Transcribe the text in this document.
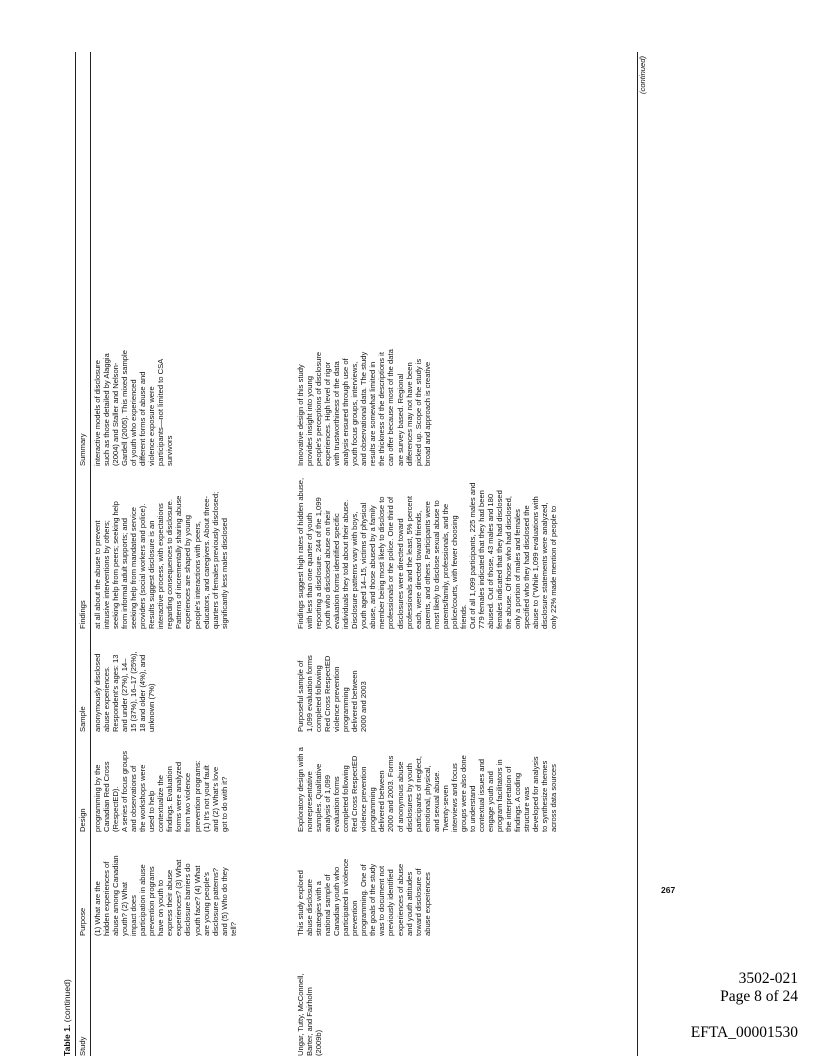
Table 1. (continued)
Study
Purpose
Design
Sample
Findings
Summary
(1) What are the hidden experiences of abuse among Canadian youth? (2) What impact does participation in abuse prevention programs have on youth to express their abuse experiences? (3) What disclosure barriers do youth face? (4) What are young people's disclosure patterns? and (5) Who do they tell?
programming by the Canadian Red Cross (RespectED). A series of focus groups and observations of the workshops were used to help contextualize the findings. Evaluation forms were analyzed from two violence prevention programs: (1) It's not your fault and (2) What's love got to do with it?
anonymously disclosed abuse experiences. Respondent's ages: 13 and under (27%), 14– 15 (37%), 16–17 (25%), 18 and older (4%), and unknown (7%)
at all about the abuse to prevent intrusive interventions by others; seeking help from peers; seeking help from informal adult supports; and seeking help from mandated service providers (social workers and police). Results suggest disclosure is an interactive process, with expectations regarding consequences to disclosure. Patterns of incrementally sharing abuse experiences are shaped by young people's interactions with peers, educators, and caregivers. About three- quarters of females previously disclosed; significantly less males disclosed
interactive models of disclosure such as those detailed by Alaggia (2004) and Staller and Nelson- Gardell (2005). This mixed sample of youth who experienced different forms of abuse and violence exposure were participants—not limited to CSA survivors
Ungar, Tutty, McConnell, Barter, and Fairholm (2009b)
This study explored abuse disclosure strategies with a national sample of Canadian youth who participated in violence prevention programming. One of the goals of the study was to document not previously identified experiences of abuse and youth attitudes toward disclosure of abuse experiences
Exploratory design with a nonrepresentative samples. Qualitative analysis of 1,099 evaluation forms completed following Red Cross RespectED violence prevention programming delivered between 2000 and 2003. Forms of anonymous abuse disclosures by youth participants of neglect, emotional, physical, and sexual abuse. Twenty-seven interviews and focus groups were also done to understand contextual issues and engage youth and program facilitators in the interpretation of findings. A coding structure was developed for analysis to synthesize themes across data sources
Purposeful sample of 1,099 evaluation forms completed following Red Cross RespectED violence prevention programming delivered between 2000 and 2003
Findings suggest high rates of hidden abuse, with less than one quarter of youth reporting a disclosure. 244 of the 1,099 youth who disclosed abuse on their evaluation forms identified specific individuals they told about their abuse. Disclosure patterns vary with boys, youth aged 14–15, victims of physical abuse, and those abused by a family member being most likely to disclose to professionals or the police. One third of disclosures were directed toward professionals and the least, 5% percent each, were directed toward friends, parents, and others. Participants were most likely to disclose sexual abuse to parents/family, professionals, and the police/courts, with fewer choosing friends. Out of all 1,099 participants, 225 males and 779 females indicated that they had been abused. Out of those, 43 males and 180 females indicated that they had disclosed the abuse. Of those who had disclosed, only a portion of males and females specified who they had disclosed the abuse to ("While 1,099 evaluations with disclosure statements were analyzed, only 22% made mention of people to
Innovative design of this study provides insight into young people's perceptions of disclosure experiences. High level of rigor with trustworthiness of the data analysis ensured through use of youth focus groups, interviews, and observational data. The study results are somewhat limited in the thickness of the descriptions it can offer because most of the data are survey based. Regional differences may not have been picked up. Scope of the study is broad and approach is creative
(continued)
267
3502-021
Page 8 of 24
EFTA_00001530
